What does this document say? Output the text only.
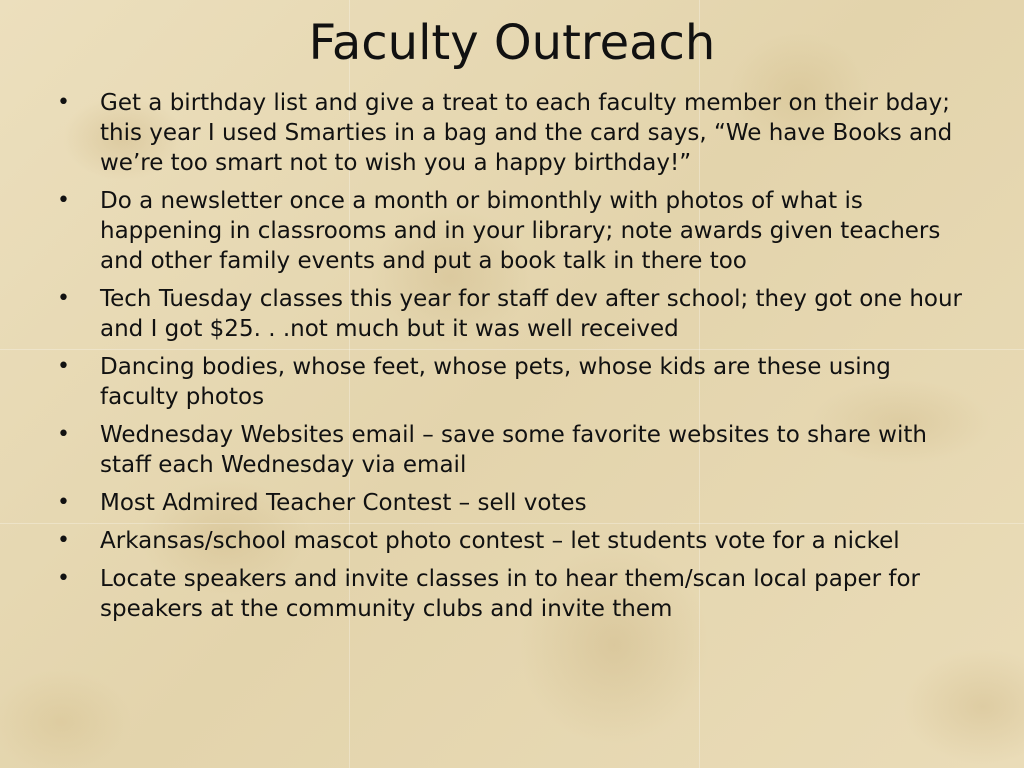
Faculty Outreach
• Get a birthday list and give a treat to each faculty member on their bday; this year I used Smarties in a bag and the card says, “We have Books and we’re too smart not to wish you a happy birthday!”
• Do a newsletter once a month or bimonthly with photos of what is happening in classrooms and in your library; note awards given teachers and other family events and put a book talk in there too
• Tech Tuesday classes this year for staff dev after school; they got one hour and I got $25. . .not much but it was well received
• Dancing bodies, whose feet, whose pets, whose kids are these using faculty photos
• Wednesday Websites email – save some favorite websites to share with staff each Wednesday via email
• Most Admired Teacher Contest – sell votes
• Arkansas/school mascot photo contest – let students vote for a nickel
• Locate speakers and invite classes in to hear them/scan local paper for speakers at the community clubs and invite them
